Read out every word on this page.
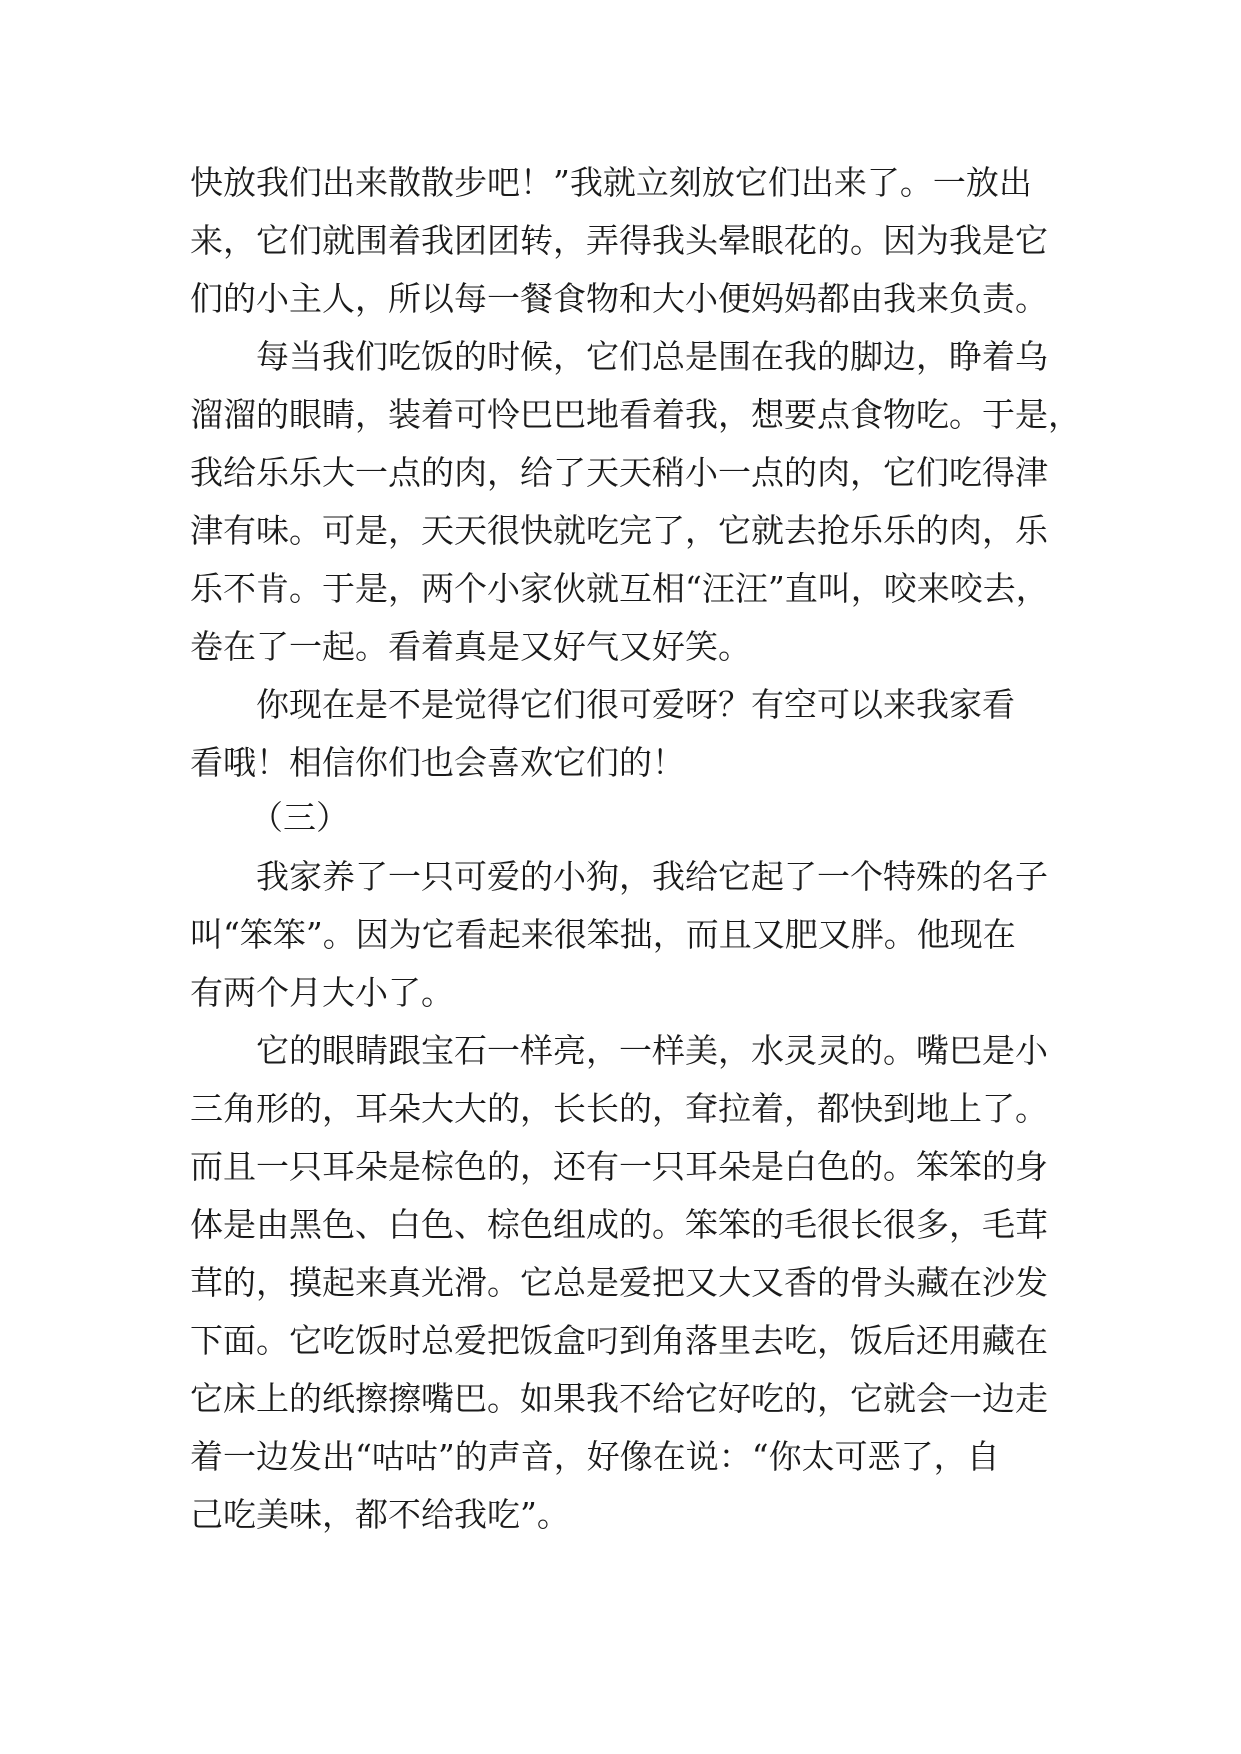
快放我们出来散散步吧！”我就立刻放它们出来了。一放出
来，它们就围着我团团转，弄得我头晕眼花的。因为我是它
们的小主人，所以每一餐食物和大小便妈妈都由我来负责。
　　每当我们吃饭的时候，它们总是围在我的脚边，睁着乌
溜溜的眼睛，装着可怜巴巴地看着我，想要点食物吃。于是，
我给乐乐大一点的肉，给了天天稍小一点的肉，它们吃得津
津有味。可是，天天很快就吃完了，它就去抢乐乐的肉，乐
乐不肯。于是，两个小家伙就互相“汪汪”直叫，咬来咬去，
卷在了一起。看着真是又好气又好笑。
　　你现在是不是觉得它们很可爱呀？有空可以来我家看
看哦！相信你们也会喜欢它们的！
（三）
　　我家养了一只可爱的小狗，我给它起了一个特殊的名子
叫“笨笨”。因为它看起来很笨拙，而且又肥又胖。他现在
有两个月大小了。
　　它的眼睛跟宝石一样亮，一样美，水灵灵的。嘴巴是小
三角形的，耳朵大大的，长长的，耷拉着，都快到地上了。
而且一只耳朵是棕色的，还有一只耳朵是白色的。笨笨的身
体是由黑色、白色、棕色组成的。笨笨的毛很长很多，毛茸
茸的，摸起来真光滑。它总是爱把又大又香的骨头藏在沙发
下面。它吃饭时总爱把饭盒叼到角落里去吃，饭后还用藏在
它床上的纸擦擦嘴巴。如果我不给它好吃的，它就会一边走
着一边发出“咕咕”的声音，好像在说：“你太可恶了，自
己吃美味，都不给我吃”。
